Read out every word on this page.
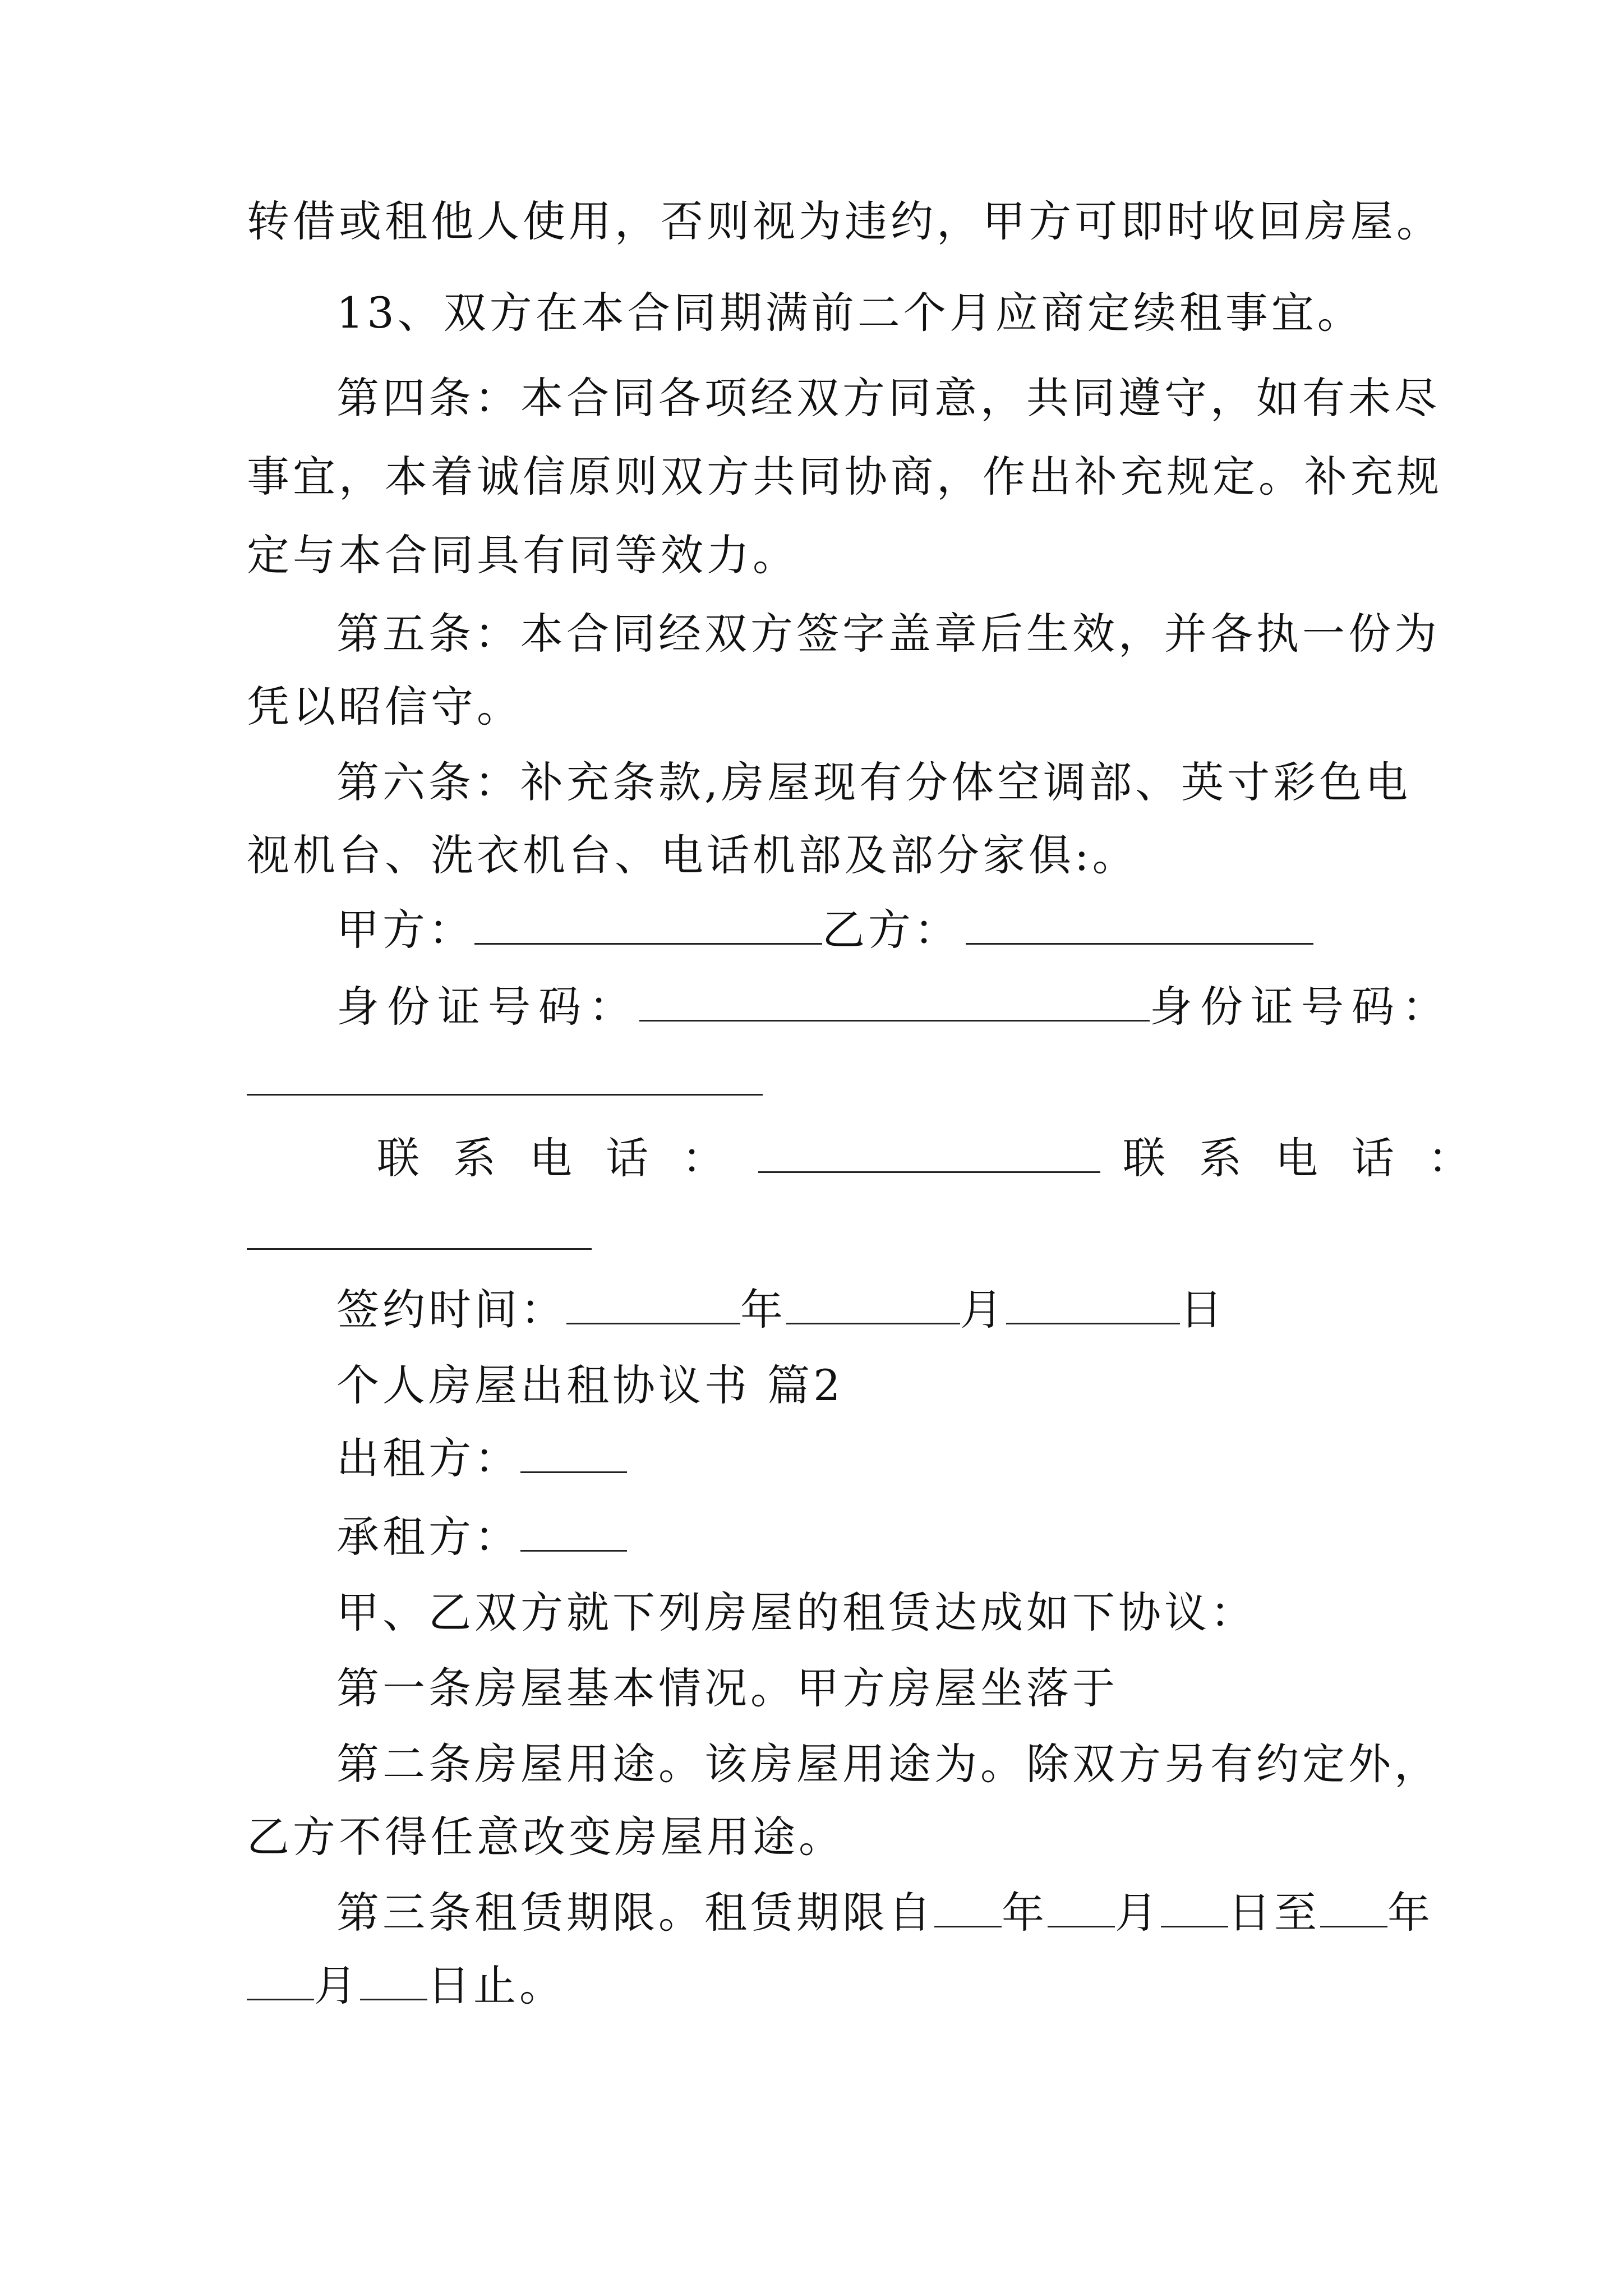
转借或租他人使用，否则视为违约，甲方可即时收回房屋。
13、双方在本合同期满前二个月应商定续租事宜。
第四条：本合同各项经双方同意，共同遵守，如有未尽
事宜，本着诚信原则双方共同协商，作出补充规定。补充规
定与本合同具有同等效力。
第五条：本合同经双方签字盖章后生效，并各执一份为
凭以昭信守。
第六条：补充条款,房屋现有分体空调部、英寸彩色电
视机台、洗衣机台、电话机部及部分家俱:。
甲方：	乙方：
身份证号码：	身份证号码：
联系电话：	联系电话：
签约时间：	年	月	日
个人房屋出租协议书 篇2
出租方：
承租方：
甲、乙双方就下列房屋的租赁达成如下协议：
第一条房屋基本情况。甲方房屋坐落于
第二条房屋用途。该房屋用途为。除双方另有约定外，
乙方不得任意改变房屋用途。
第三条租赁期限。租赁期限自 年 月 日至 年
月 日止。
